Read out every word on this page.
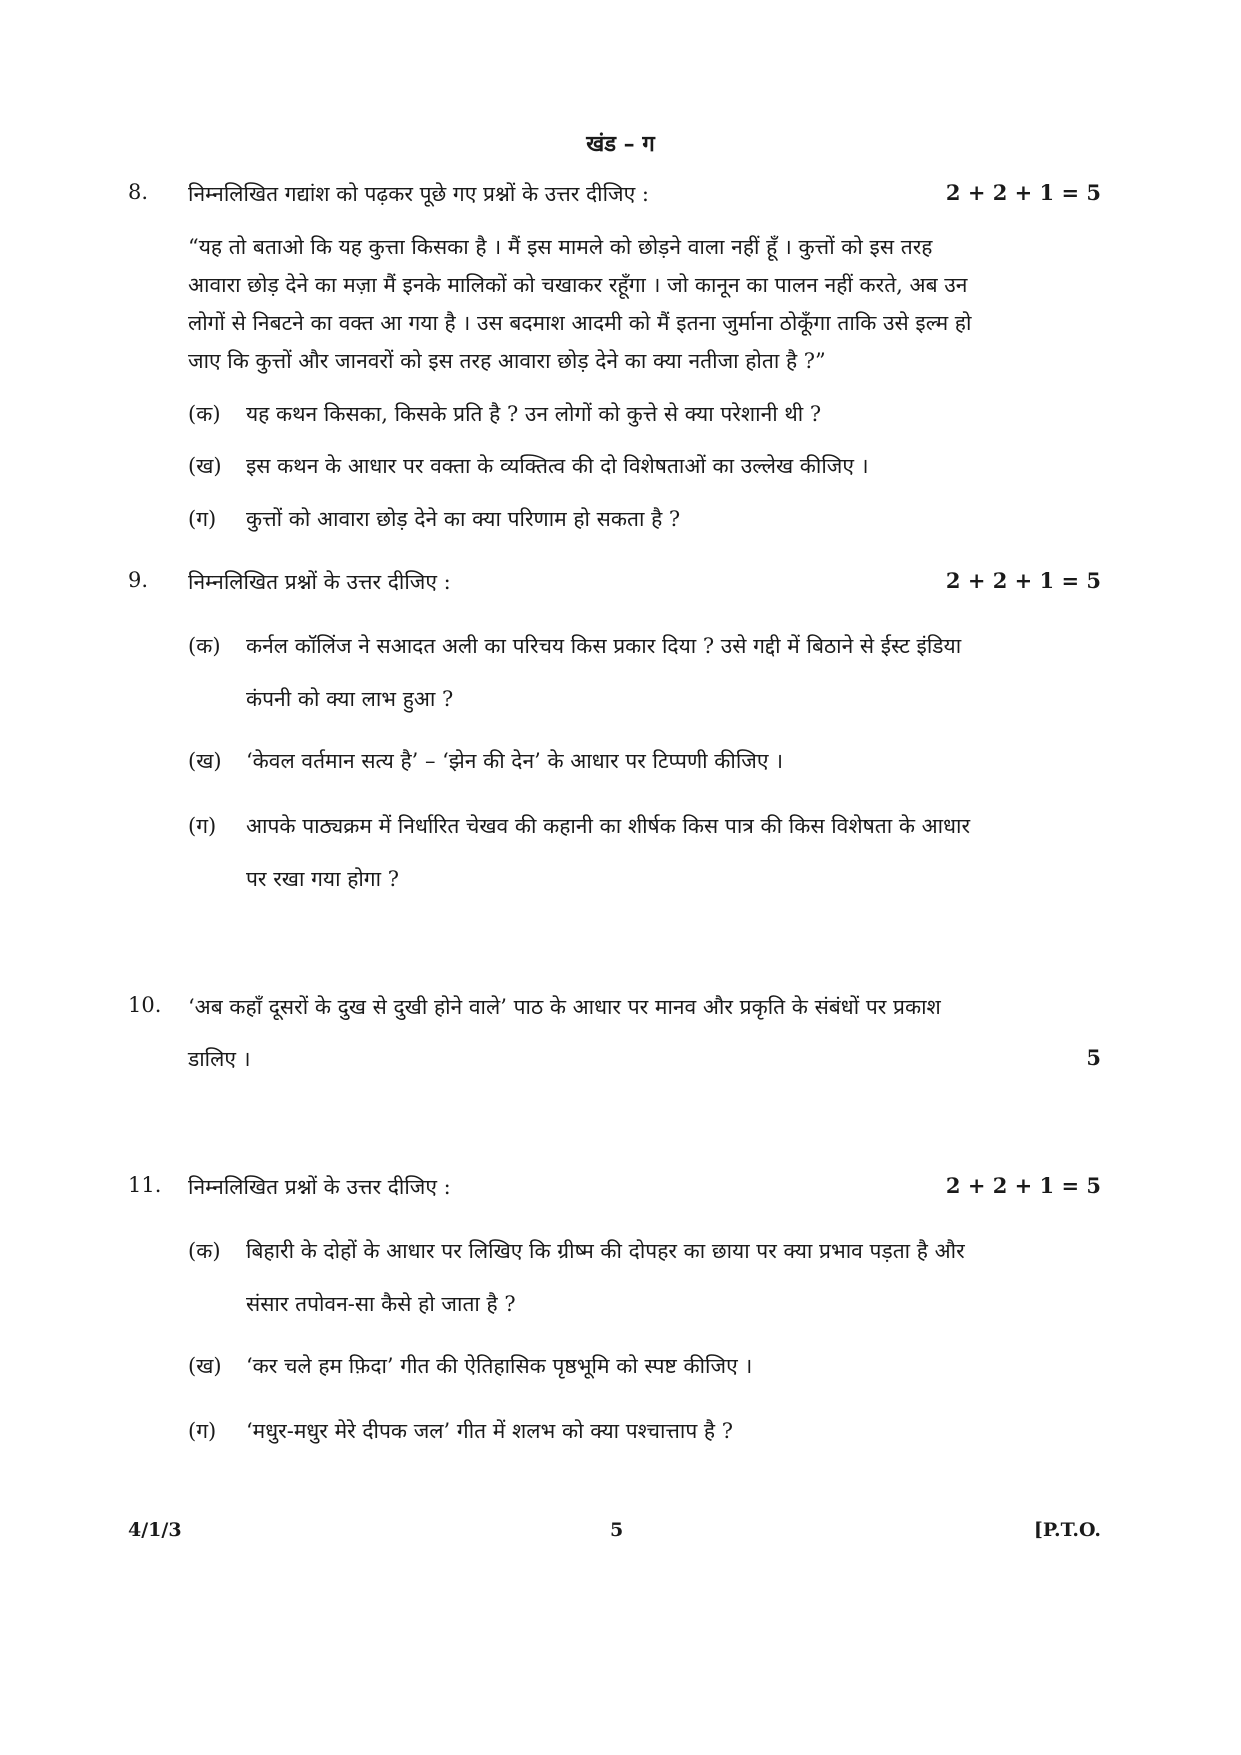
खंड – ग
8. निम्नलिखित गद्यांश को पढ़कर पूछे गए प्रश्नों के उत्तर दीजिए :	2 + 2 + 1 = 5
“यह तो बताओ कि यह कुत्ता किसका है । मैं इस मामले को छोड़ने वाला नहीं हूँ । कुत्तों को इस तरह
आवारा छोड़ देने का मज़ा मैं इनके मालिकों को चखाकर रहूँगा । जो कानून का पालन नहीं करते, अब उन
लोगों से निबटने का वक्त आ गया है । उस बदमाश आदमी को मैं इतना जुर्माना ठोकूँगा ताकि उसे इल्म हो
जाए कि कुत्तों और जानवरों को इस तरह आवारा छोड़ देने का क्या नतीजा होता है ?”
(क) यह कथन किसका, किसके प्रति है ? उन लोगों को कुत्ते से क्या परेशानी थी ?
(ख) इस कथन के आधार पर वक्ता के व्यक्तित्व की दो विशेषताओं का उल्लेख कीजिए ।
(ग) कुत्तों को आवारा छोड़ देने का क्या परिणाम हो सकता है ?
9. निम्नलिखित प्रश्नों के उत्तर दीजिए :	2 + 2 + 1 = 5
(क) कर्नल कॉलिंज ने सआदत अली का परिचय किस प्रकार दिया ? उसे गद्दी में बिठाने से ईस्ट इंडिया
कंपनी को क्या लाभ हुआ ?
(ख) ‘केवल वर्तमान सत्य है’ – ‘झेन की देन’ के आधार पर टिप्पणी कीजिए ।
(ग) आपके पाठ्यक्रम में निर्धारित चेखव की कहानी का शीर्षक किस पात्र की किस विशेषता के आधार
पर रखा गया होगा ?
10. ‘अब कहाँ दूसरों के दुख से दुखी होने वाले’ पाठ के आधार पर मानव और प्रकृति के संबंधों पर प्रकाश
डालिए ।	5
11. निम्नलिखित प्रश्नों के उत्तर दीजिए :	2 + 2 + 1 = 5
(क) बिहारी के दोहों के आधार पर लिखिए कि ग्रीष्म की दोपहर का छाया पर क्या प्रभाव पड़ता है और
संसार तपोवन-सा कैसे हो जाता है ?
(ख) ‘कर चले हम फ़िदा’ गीत की ऐतिहासिक पृष्ठभूमि को स्पष्ट कीजिए ।
(ग) ‘मधुर-मधुर मेरे दीपक जल’ गीत में शलभ को क्या पश्चात्ताप है ?
4/1/3	5	[P.T.O.
